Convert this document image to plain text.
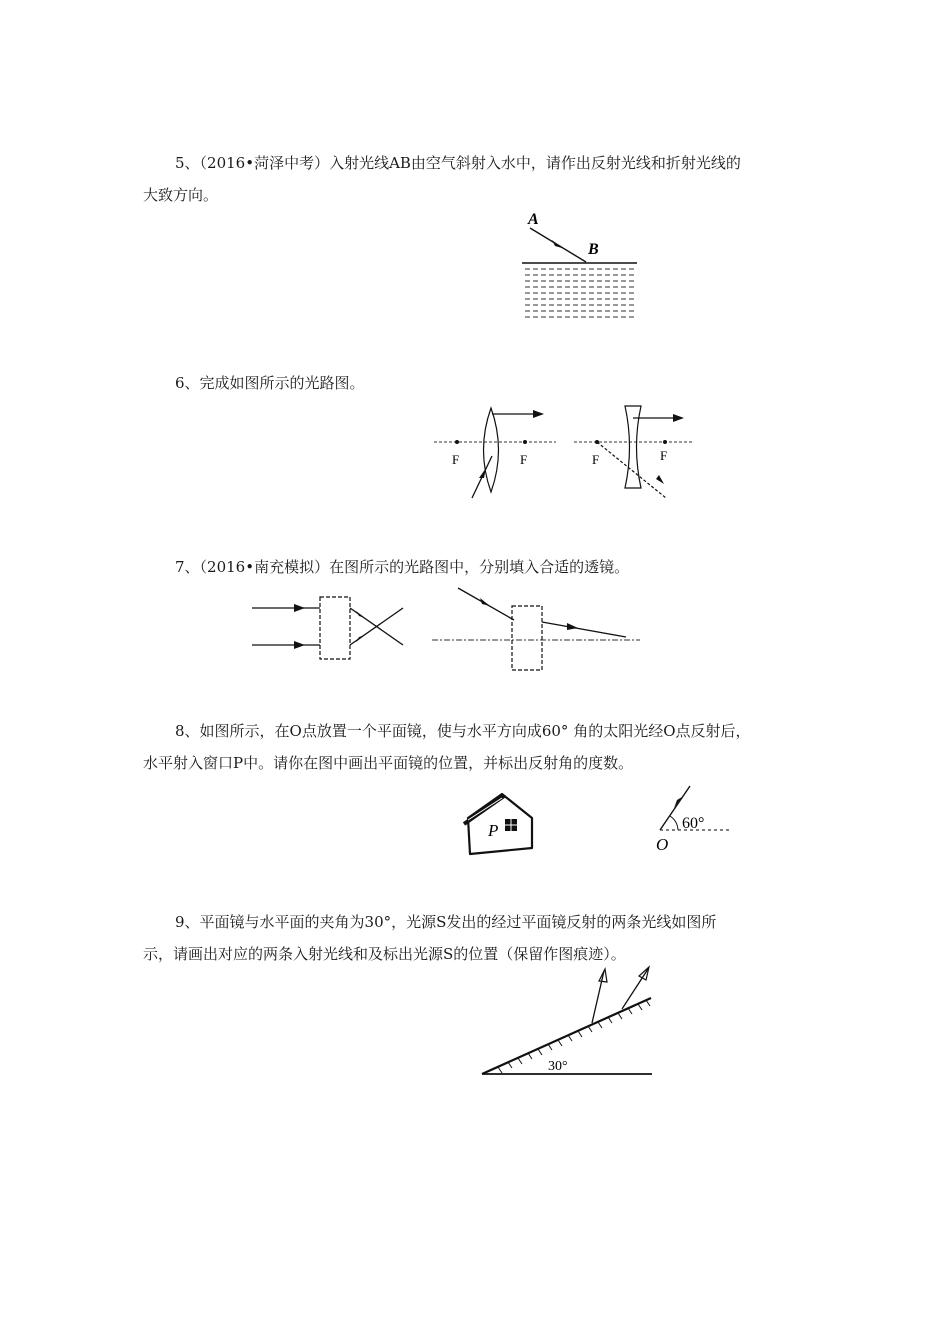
5、（2016•菏泽中考）入射光线AB由空气斜射入水中，请作出反射光线和折射光线的

大致方向。

A
B

6、完成如图所示的光路图。

F	F	F	F

7、（2016•南充模拟）在图所示的光路图中，分别填入合适的透镜。

8、如图所示，在O点放置一个平面镜，使与水平方向成60° 角的太阳光经O点反射后，

水平射入窗口P中。请你在图中画出平面镜的位置，并标出反射角的度数。

P	60°
O

9、平面镜与水平面的夹角为30°，光源S发出的经过平面镜反射的两条光线如图所

示，请画出对应的两条入射光线和及标出光源S的位置（保留作图痕迹）。

30°
